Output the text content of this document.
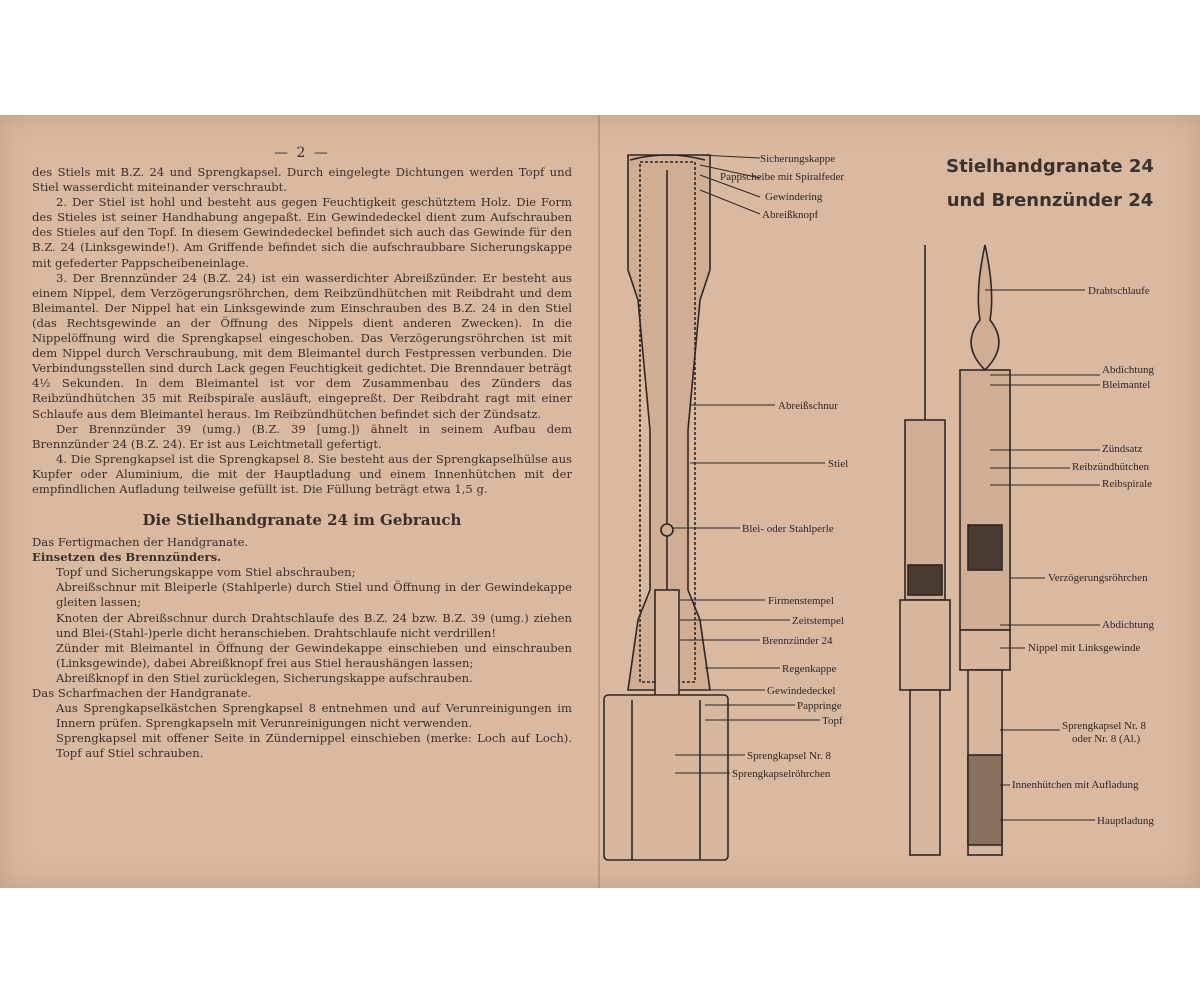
— 2 —

des Stiels mit B.Z. 24 und Sprengkapsel. Durch eingelegte Dichtungen werden Topf und Stiel wasserdicht miteinander verschraubt.

2. Der Stiel ist hohl und besteht aus gegen Feuchtigkeit geschütztem Holz. Die Form des Stieles ist seiner Handhabung angepaßt. Ein Gewindedeckel dient zum Aufschrauben des Stieles auf den Topf. In diesem Gewindedeckel befindet sich auch das Gewinde für den B.Z. 24 (Linksgewinde!). Am Griffende befindet sich die aufschraubbare Sicherungskappe mit gefederter Pappscheibeneinlage.

3. Der Brennzünder 24 (B.Z. 24) ist ein wasserdichter Abreißzünder. Er besteht aus einem Nippel, dem Verzögerungsröhrchen, dem Reibzündhütchen mit Reibdraht und dem Bleimantel. Der Nippel hat ein Linksgewinde zum Einschrauben des B.Z. 24 in den Stiel (das Rechtsgewinde an der Öffnung des Nippels dient anderen Zwecken). In die Nippelöffnung wird die Sprengkapsel eingeschoben. Das Verzögerungsröhrchen ist mit dem Nippel durch Verschraubung, mit dem Bleimantel durch Festpressen verbunden. Die Verbindungsstellen sind durch Lack gegen Feuchtigkeit gedichtet. Die Brenndauer beträgt 4½ Sekunden. In dem Bleimantel ist vor dem Zusammenbau des Zünders das Reibzündhütchen 35 mit Reibspirale ausläuft, eingepreßt. Der Reibdraht ragt mit einer Schlaufe aus dem Bleimantel heraus. Im Reibzündhütchen befindet sich der Zündsatz.

Der Brennzünder 39 (umg.) (B.Z. 39 [umg.]) ähnelt in seinem Aufbau dem Brennzünder 24 (B.Z. 24). Er ist aus Leichtmetall gefertigt.

4. Die Sprengkapsel ist die Sprengkapsel 8. Sie besteht aus der Sprengkapselhülse aus Kupfer oder Aluminium, die mit der Hauptladung und einem Innenhütchen mit der empfindlichen Aufladung teilweise gefüllt ist. Die Füllung beträgt etwa 1,5 g.

Die Stielhandgranate 24 im Gebrauch

Das Fertigmachen der Handgranate.

Einsetzen des Brennzünders.

Topf und Sicherungskappe vom Stiel abschrauben;

Abreißschnur mit Bleiperle (Stahlperle) durch Stiel und Öffnung in der Gewindekappe gleiten lassen;

Knoten der Abreißschnur durch Drahtschlaufe des B.Z. 24 bzw. B.Z. 39 (umg.) ziehen und Blei-(Stahl-)perle dicht heranschieben. Drahtschlaufe nicht verdrillen!

Zünder mit Bleimantel in Öffnung der Gewindekappe einschieben und einschrauben (Linksgewinde), dabei Abreißknopf frei aus Stiel heraushängen lassen;

Abreißknopf in den Stiel zurücklegen, Sicherungskappe aufschrauben.

Das Scharfmachen der Handgranate.

Aus Sprengkapselkästchen Sprengkapsel 8 entnehmen und auf Verunreinigungen im Innern prüfen. Sprengkapseln mit Verunreinigungen nicht verwenden.

Sprengkapsel mit offener Seite in Zündernippel einschieben (merke: Loch auf Loch). Topf auf Stiel schrauben.

Stielhandgranate 24
und Brennzünder 24
Sicherungskappe
Pappscheibe mit Spiralfeder
Gewindering
Abreißknopf
Abreißschnur
Stiel
Blei- oder Stahlperle
Firmenstempel
Zeitstempel
Brennzünder 24
Regenkappe
Gewindedeckel
Pappringe
Topf
Sprengkapsel Nr. 8
Sprengkapselröhrchen
Drahtschlaufe
Abdichtung
Bleimantel
Zündsatz
Reibzündhütchen
Reibspirale
Verzögerungsröhrchen
Abdichtung
Nippel mit Linksgewinde
Sprengkapsel Nr. 8
oder Nr. 8 (Al.)
Innenhütchen mit Aufladung
Hauptladung
